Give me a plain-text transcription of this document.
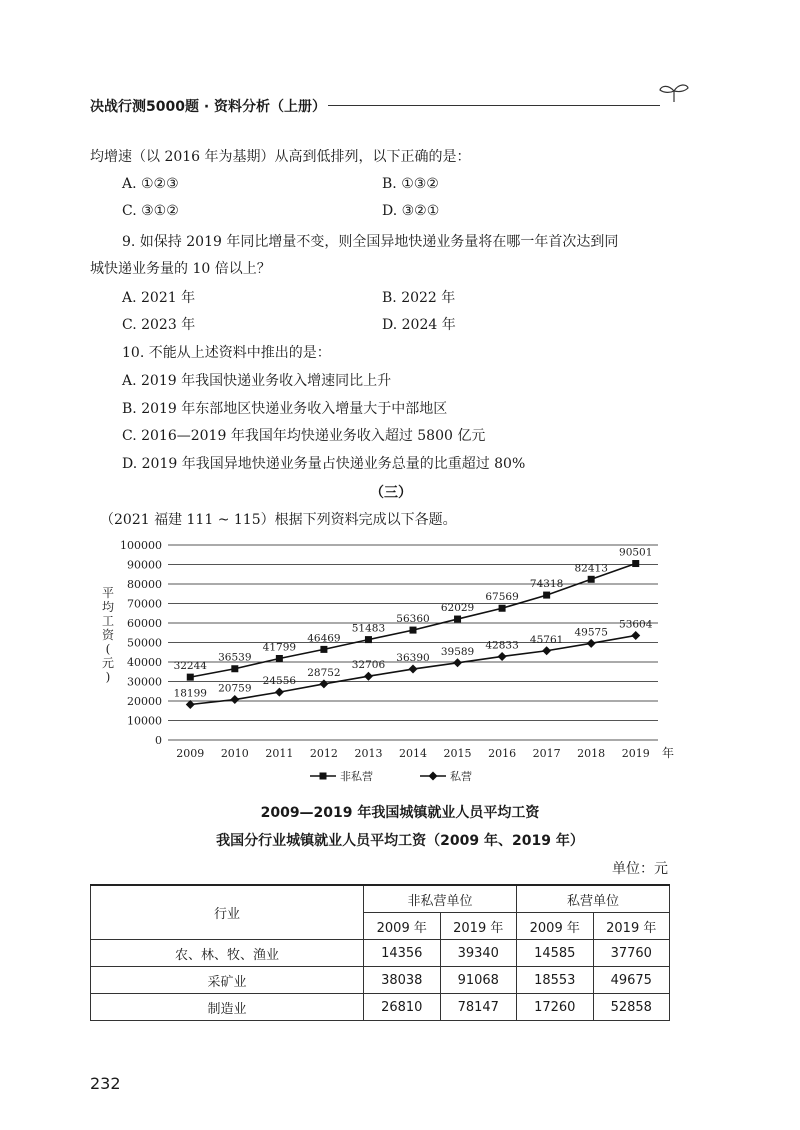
决战行测5000题 · 资料分析（上册）
均增速（以 2016 年为基期）从高到低排列，以下正确的是：
A. ①②③	B. ①③②
C. ③①②	D. ③②①
9. 如保持 2019 年同比增量不变，则全国异地快递业务量将在哪一年首次达到同
城快递业务量的 10 倍以上？
A. 2021 年	B. 2022 年
C. 2023 年	D. 2024 年
10. 不能从上述资料中推出的是：
A. 2019 年我国快递业务收入增速同比上升
B. 2019 年东部地区快递业务收入增量大于中部地区
C. 2016—2019 年我国年均快递业务收入超过 5800 亿元
D. 2019 年我国异地快递业务量占快递业务总量的比重超过 80%
（三）
（2021 福建 111 ~ 115）根据下列资料完成以下各题。
0
10000
20000
30000
40000
50000
60000
70000
80000
90000
100000
2009 2010 2011 2012 2013 2014 2015 2016 2017 2018 2019 年
32244
36539
41799
46469
51483
56360
62029
67569
74318
82413
90501
18199 20759
24556
28752
32706
36390
39589
42833 45761
49575
53604
平
均
工
资
(
元
)
非私营	私营
2009—2019 年我国城镇就业人员平均工资
我国分行业城镇就业人员平均工资（2009 年、2019 年）
单位：元
行业	非私营单位		私营单位	
	2009 年	2019 年	2009 年	2019 年
农、林、牧、渔业	14356	39340	14585	37760
采矿业	38038	91068	18553	49675
制造业	26810	78147	17260	52858
232
